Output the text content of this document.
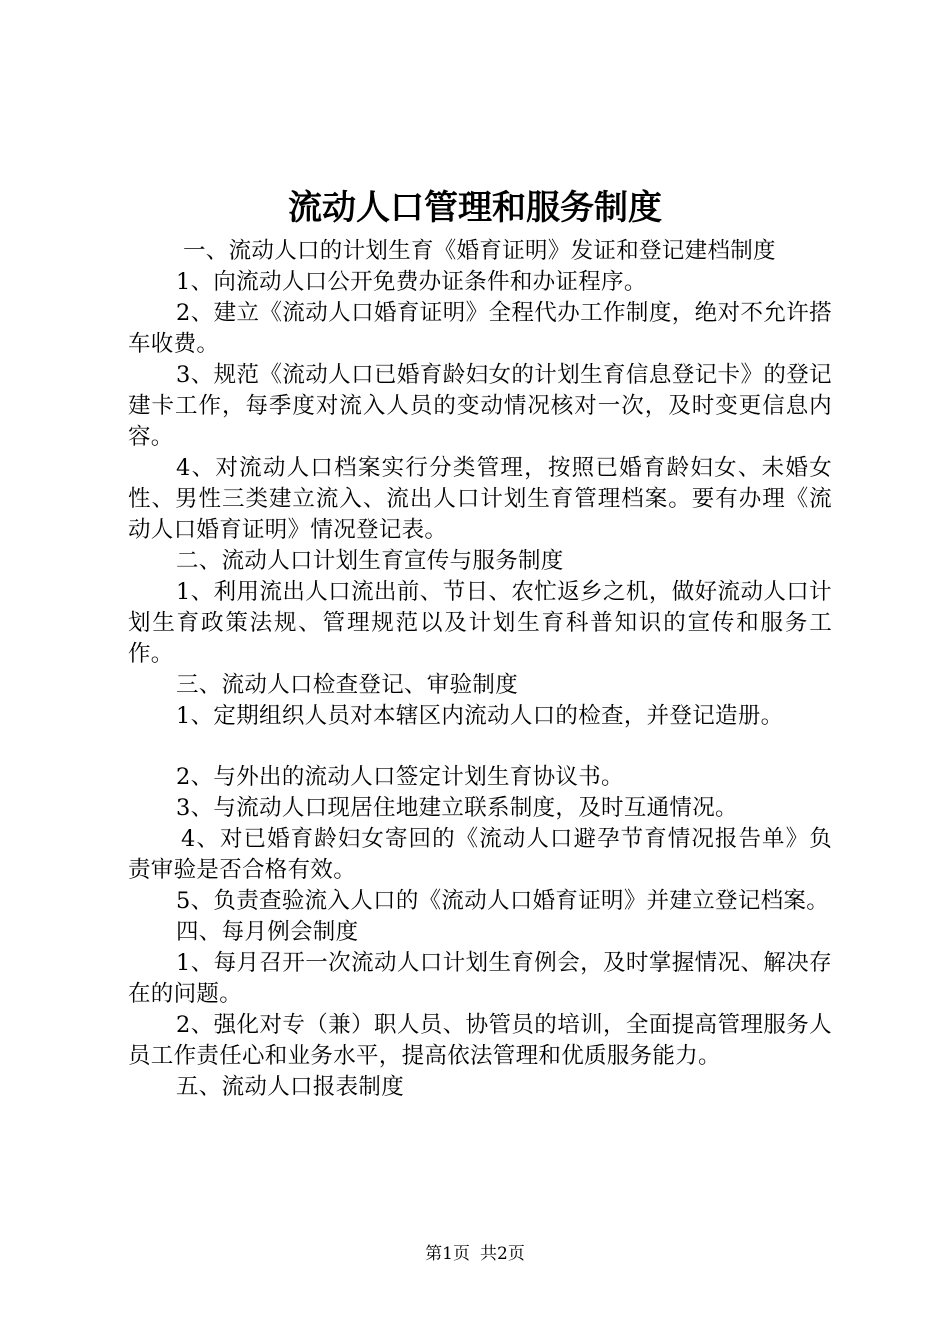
流动人口管理和服务制度

一、流动人口的计划生育《婚育证明》发证和登记建档制度

1、向流动人口公开免费办证条件和办证程序。

2、建立《流动人口婚育证明》全程代办工作制度，绝对不允许搭车收费。

3、规范《流动人口已婚育龄妇女的计划生育信息登记卡》的登记建卡工作，每季度对流入人员的变动情况核对一次，及时变更信息内容。

4、对流动人口档案实行分类管理，按照已婚育龄妇女、未婚女性、男性三类建立流入、流出人口计划生育管理档案。要有办理《流动人口婚育证明》情况登记表。

二、流动人口计划生育宣传与服务制度

1、利用流出人口流出前、节日、农忙返乡之机，做好流动人口计划生育政策法规、管理规范以及计划生育科普知识的宣传和服务工作。

三、流动人口检查登记、审验制度

1、定期组织人员对本辖区内流动人口的检查，并登记造册。

2、与外出的流动人口签定计划生育协议书。

3、与流动人口现居住地建立联系制度，及时互通情况。

4、对已婚育龄妇女寄回的《流动人口避孕节育情况报告单》负责审验是否合格有效。

5、负责查验流入人口的《流动人口婚育证明》并建立登记档案。

四、每月例会制度

1、每月召开一次流动人口计划生育例会，及时掌握情况、解决存在的问题。

2、强化对专（兼）职人员、协管员的培训，全面提高管理服务人员工作责任心和业务水平，提高依法管理和优质服务能力。

五、流动人口报表制度

第1页 共2页
